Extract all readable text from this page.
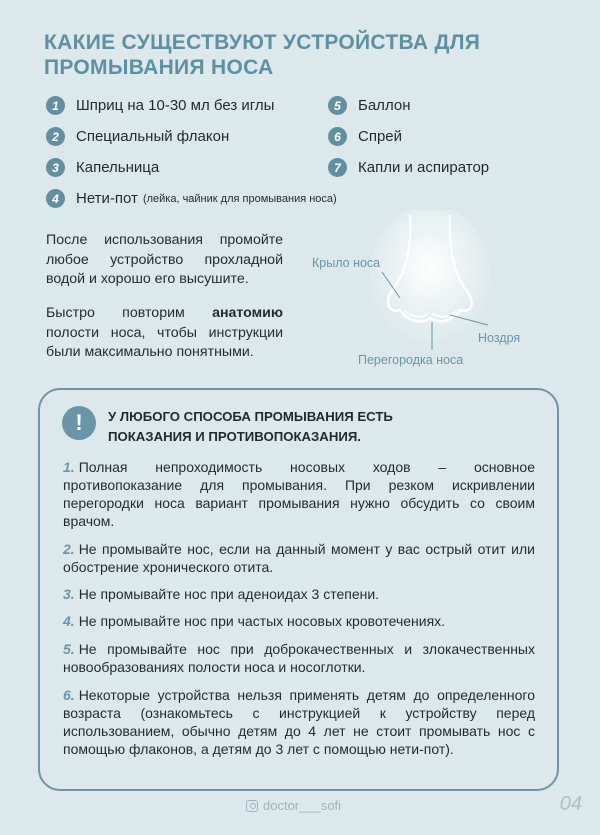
КАКИЕ СУЩЕСТВУЮТ УСТРОЙСТВА ДЛЯ ПРОМЫВАНИЯ НОСА
1	Шприц на 10-30 мл без иглы
2	Специальный флакон
3	Капельница
4	Нети-пот (лейка, чайник для промывания носа)
5	Баллон
6	Спрей
7	Капли и аспиратор
После использования промойте любое устройство прохладной водой и хорошо его высушите.
Быстро повторим анатомию полости носа, чтобы инструкции были максимально понятными.
Крыло носа
Ноздря
Перегородка носа
!	У ЛЮБОГО СПОСОБА ПРОМЫВАНИЯ ЕСТЬ ПОКАЗАНИЯ И ПРОТИВОПОКАЗАНИЯ.
1. Полная непроходимость носовых ходов – основное противопоказание для промывания. При резком искривлении перегородки носа вариант промывания нужно обсудить со своим врачом.
2. Не промывайте нос, если на данный момент у вас острый отит или обострение хронического отита.
3. Не промывайте нос при аденоидах 3 степени.
4. Не промывайте нос при частых носовых кровотечениях.
5. Не промывайте нос при доброкачественных и злокачественных новообразованиях полости носа и носоглотки.
6. Некоторые устройства нельзя применять детям до определенного возраста (ознакомьтесь с инструкцией к устройству перед использованием, обычно детям до 4 лет не стоит промывать нос с помощью флаконов, а детям до 3 лет с помощью нети-пот).
doctor___sofi	04
